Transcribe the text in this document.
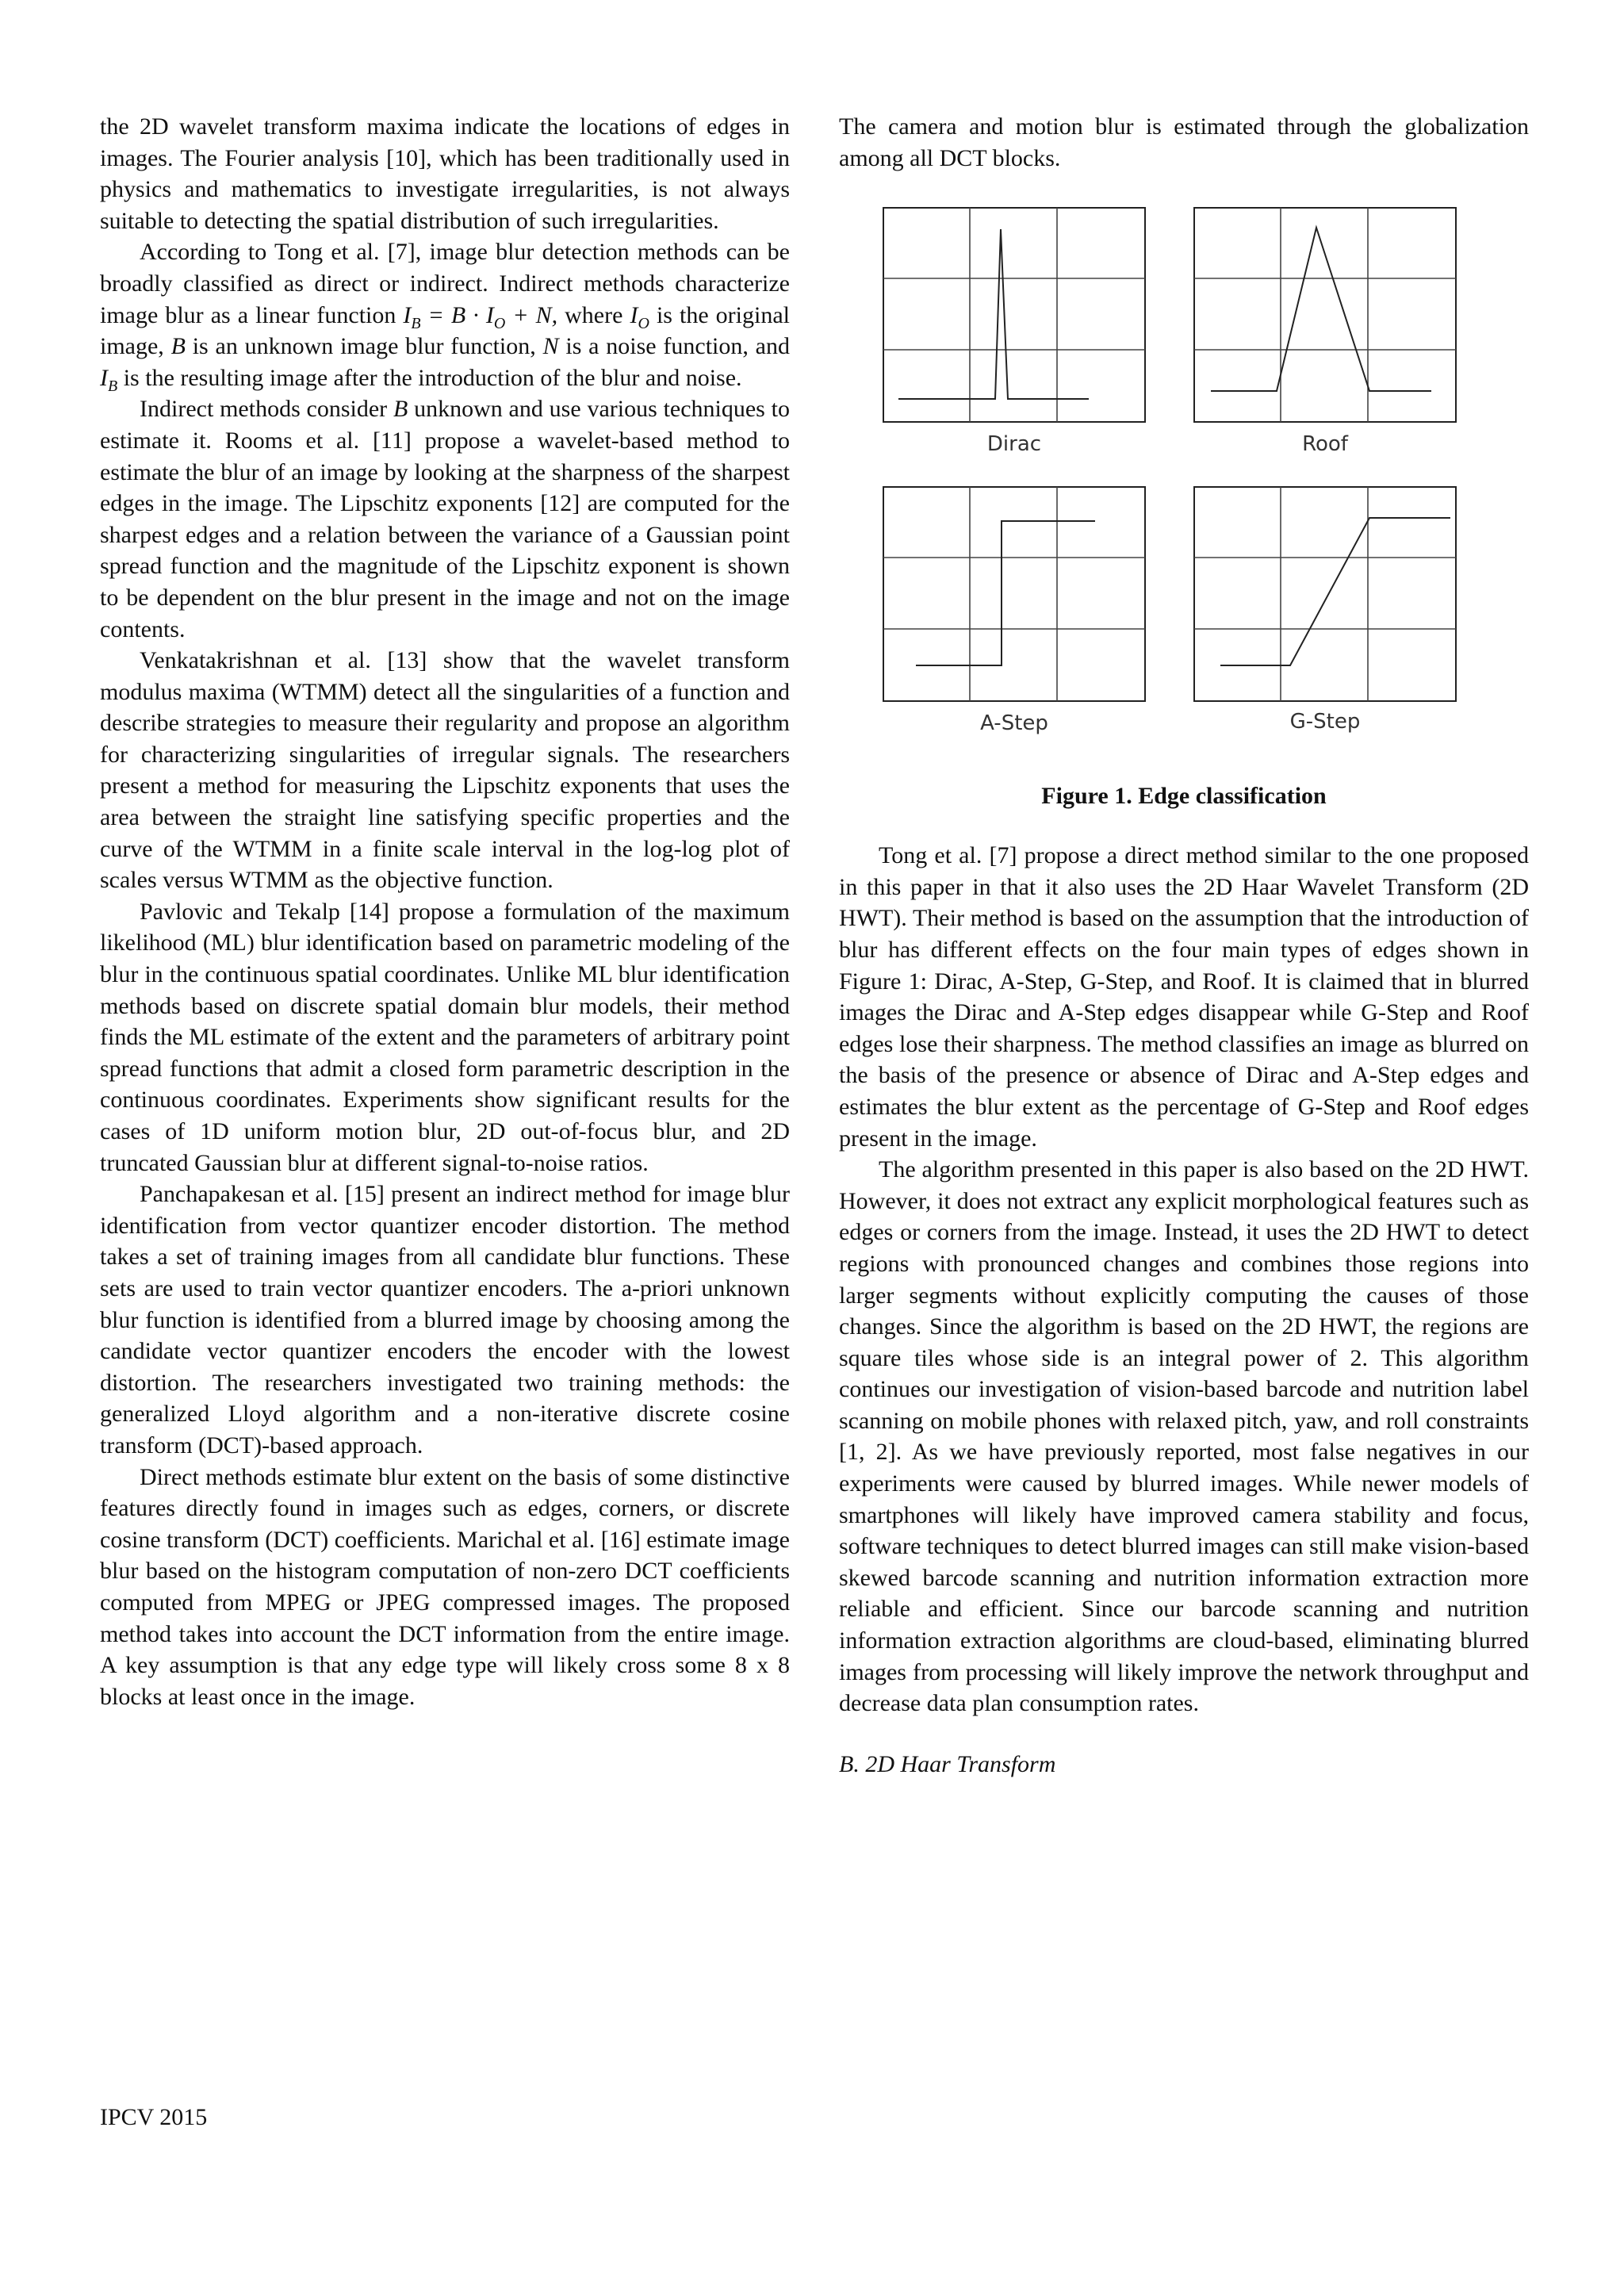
the 2D wavelet transform maxima indicate the locations of edges in images. The Fourier analysis [10], which has been traditionally used in physics and mathematics to investigate irregularities, is not always suitable to detecting the spatial distribution of such irregularities.

According to Tong et al. [7], image blur detection methods can be broadly classified as direct or indirect. Indirect methods characterize image blur as a linear function $I_B = B \cdot I_O + N$, where $I_O$ is the original image, B is an unknown image blur function, N is a noise function, and $I_B$ is the resulting image after the introduction of the blur and noise.

Indirect methods consider B unknown and use various techniques to estimate it. Rooms et al. [11] propose a wavelet-based method to estimate the blur of an image by looking at the sharpness of the sharpest edges in the image. The Lipschitz exponents [12] are computed for the sharpest edges and a relation between the variance of a Gaussian point spread function and the magnitude of the Lipschitz exponent is shown to be dependent on the blur present in the image and not on the image contents.

Venkatakrishnan et al. [13] show that the wavelet transform modulus maxima (WTMM) detect all the singularities of a function and describe strategies to measure their regularity and propose an algorithm for characterizing singularities of irregular signals. The researchers present a method for measuring the Lipschitz exponents that uses the area between the straight line satisfying specific properties and the curve of the WTMM in a finite scale interval in the log-log plot of scales versus WTMM as the objective function.

Pavlovic and Tekalp [14] propose a formulation of the maximum likelihood (ML) blur identification based on parametric modeling of the blur in the continuous spatial coordinates. Unlike ML blur identification methods based on discrete spatial domain blur models, their method finds the ML estimate of the extent and the parameters of arbitrary point spread functions that admit a closed form parametric description in the continuous coordinates. Experiments show significant results for the cases of 1D uniform motion blur, 2D out-of-focus blur, and 2D truncated Gaussian blur at different signal-to-noise ratios.

Panchapakesan et al. [15] present an indirect method for image blur identification from vector quantizer encoder distortion. The method takes a set of training images from all candidate blur functions. These sets are used to train vector quantizer encoders. The a-priori unknown blur function is identified from a blurred image by choosing among the candidate vector quantizer encoders the encoder with the lowest distortion. The researchers investigated two training methods: the generalized Lloyd algorithm and a non-iterative discrete cosine transform (DCT)-based approach.

Direct methods estimate blur extent on the basis of some distinctive features directly found in images such as edges, corners, or discrete cosine transform (DCT) coefficients. Marichal et al. [16] estimate image blur based on the histogram computation of non-zero DCT coefficients computed from MPEG or JPEG compressed images. The proposed method takes into account the DCT information from the entire image. A key assumption is that any edge type will likely cross some 8 x 8 blocks at least once in the image.

The camera and motion blur is estimated through the globalization among all DCT blocks.

Dirac	Roof
A-Step	G-Step
Figure 1. Edge classification

Tong et al. [7] propose a direct method similar to the one proposed in this paper in that it also uses the 2D Haar Wavelet Transform (2D HWT). Their method is based on the assumption that the introduction of blur has different effects on the four main types of edges shown in Figure 1: Dirac, A-Step, G-Step, and Roof. It is claimed that in blurred images the Dirac and A-Step edges disappear while G-Step and Roof edges lose their sharpness. The method classifies an image as blurred on the basis of the presence or absence of Dirac and A-Step edges and estimates the blur extent as the percentage of G-Step and Roof edges present in the image.

The algorithm presented in this paper is also based on the 2D HWT. However, it does not extract any explicit morphological features such as edges or corners from the image. Instead, it uses the 2D HWT to detect regions with pronounced changes and combines those regions into larger segments without explicitly computing the causes of those changes. Since the algorithm is based on the 2D HWT, the regions are square tiles whose side is an integral power of 2. This algorithm continues our investigation of vision-based barcode and nutrition label scanning on mobile phones with relaxed pitch, yaw, and roll constraints [1, 2]. As we have previously reported, most false negatives in our experiments were caused by blurred images. While newer models of smartphones will likely have improved camera stability and focus, software techniques to detect blurred images can still make vision-based skewed barcode scanning and nutrition information extraction more reliable and efficient. Since our barcode scanning and nutrition information extraction algorithms are cloud-based, eliminating blurred images from processing will likely improve the network throughput and decrease data plan consumption rates.

B. 2D Haar Transform
IPCV 2015
